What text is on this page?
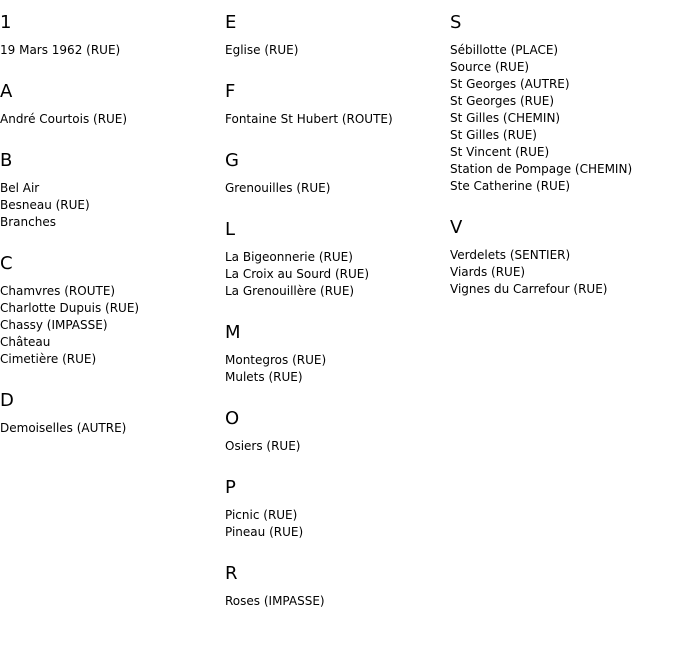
1
19 Mars 1962 (RUE)
A
André Courtois (RUE)
B
Bel Air
Besneau (RUE)
Branches
C
Chamvres (ROUTE)
Charlotte Dupuis (RUE)
Chassy (IMPASSE)
Château
Cimetière (RUE)
D
Demoiselles (AUTRE)
E
Eglise (RUE)
F
Fontaine St Hubert (ROUTE)
G
Grenouilles (RUE)
L
La Bigeonnerie (RUE)
La Croix au Sourd (RUE)
La Grenouillère (RUE)
M
Montegros (RUE)
Mulets (RUE)
O
Osiers (RUE)
P
Picnic (RUE)
Pineau (RUE)
R
Roses (IMPASSE)
S
Sébillotte (PLACE)
Source (RUE)
St Georges (AUTRE)
St Georges (RUE)
St Gilles (CHEMIN)
St Gilles (RUE)
St Vincent (RUE)
Station de Pompage (CHEMIN)
Ste Catherine (RUE)
V
Verdelets (SENTIER)
Viards (RUE)
Vignes du Carrefour (RUE)
